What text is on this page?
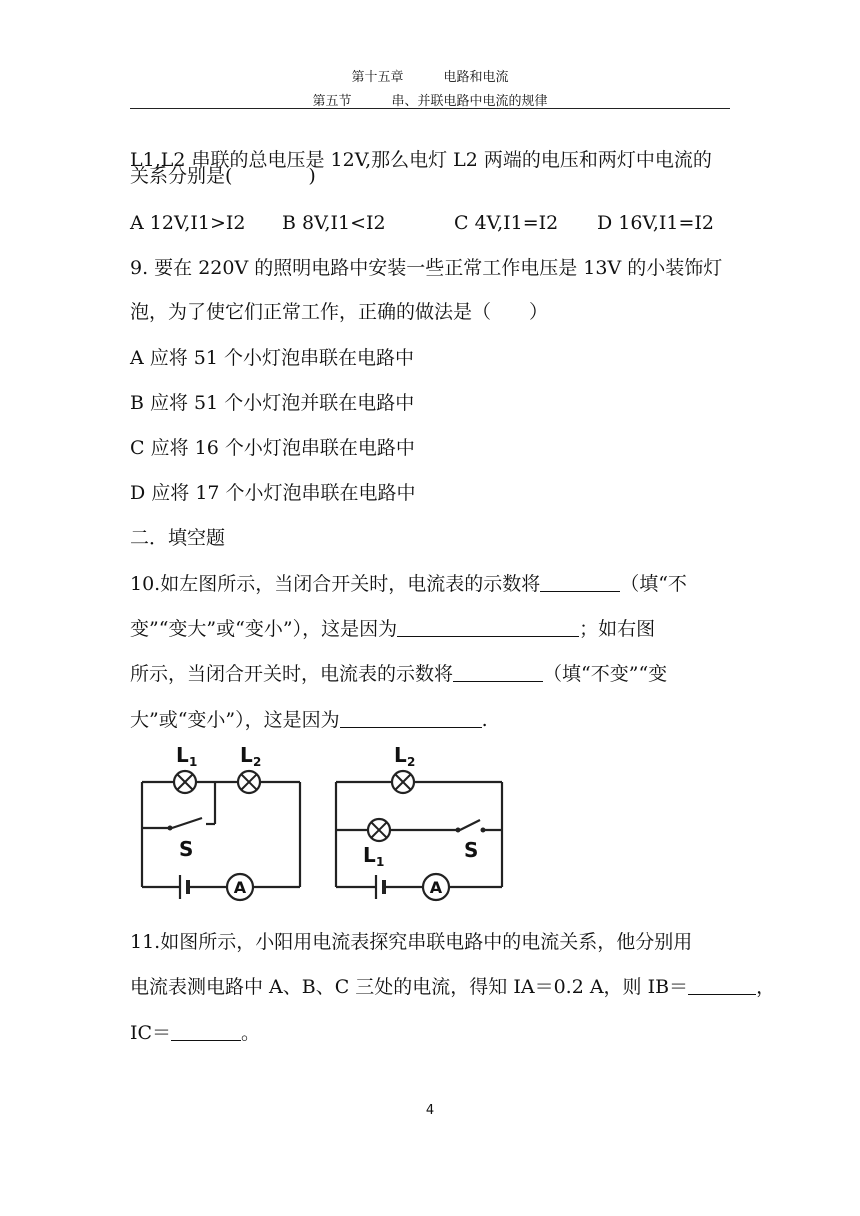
第十五章	电路和电流
第五节	串、并联电路中电流的规律
L1,L2 串联的总电压是 12V,那么电灯 L2 两端的电压和两灯中电流的
关系分别是(　　　　)
A 12V,I1>I2 B 8V,I1<I2	C 4V,I1=I2 D 16V,I1=I2
9. 要在 220V 的照明电路中安装一些正常工作电压是 13V 的小装饰灯
泡，为了使它们正常工作，正确的做法是（　　）
A 应将 51 个小灯泡串联在电路中
B 应将 51 个小灯泡并联在电路中
C 应将 16 个小灯泡串联在电路中
D 应将 17 个小灯泡串联在电路中
二．填空题
10.如左图所示，当闭合开关时，电流表的示数将	（填“不
变”“变大”或“变小”），这是因为	；如右图
所示，当闭合开关时，电流表的示数将	（填“不变”“变
大”或“变小”），这是因为	.
A
L 1 L 2
S
A
L 2
L 1	S
11.如图所示，小阳用电流表探究串联电路中的电流关系，他分别用
电流表测电路中 A、B、C 三处的电流，得知 IA＝0.2 A，则 IB＝	，
IC＝	。
4
